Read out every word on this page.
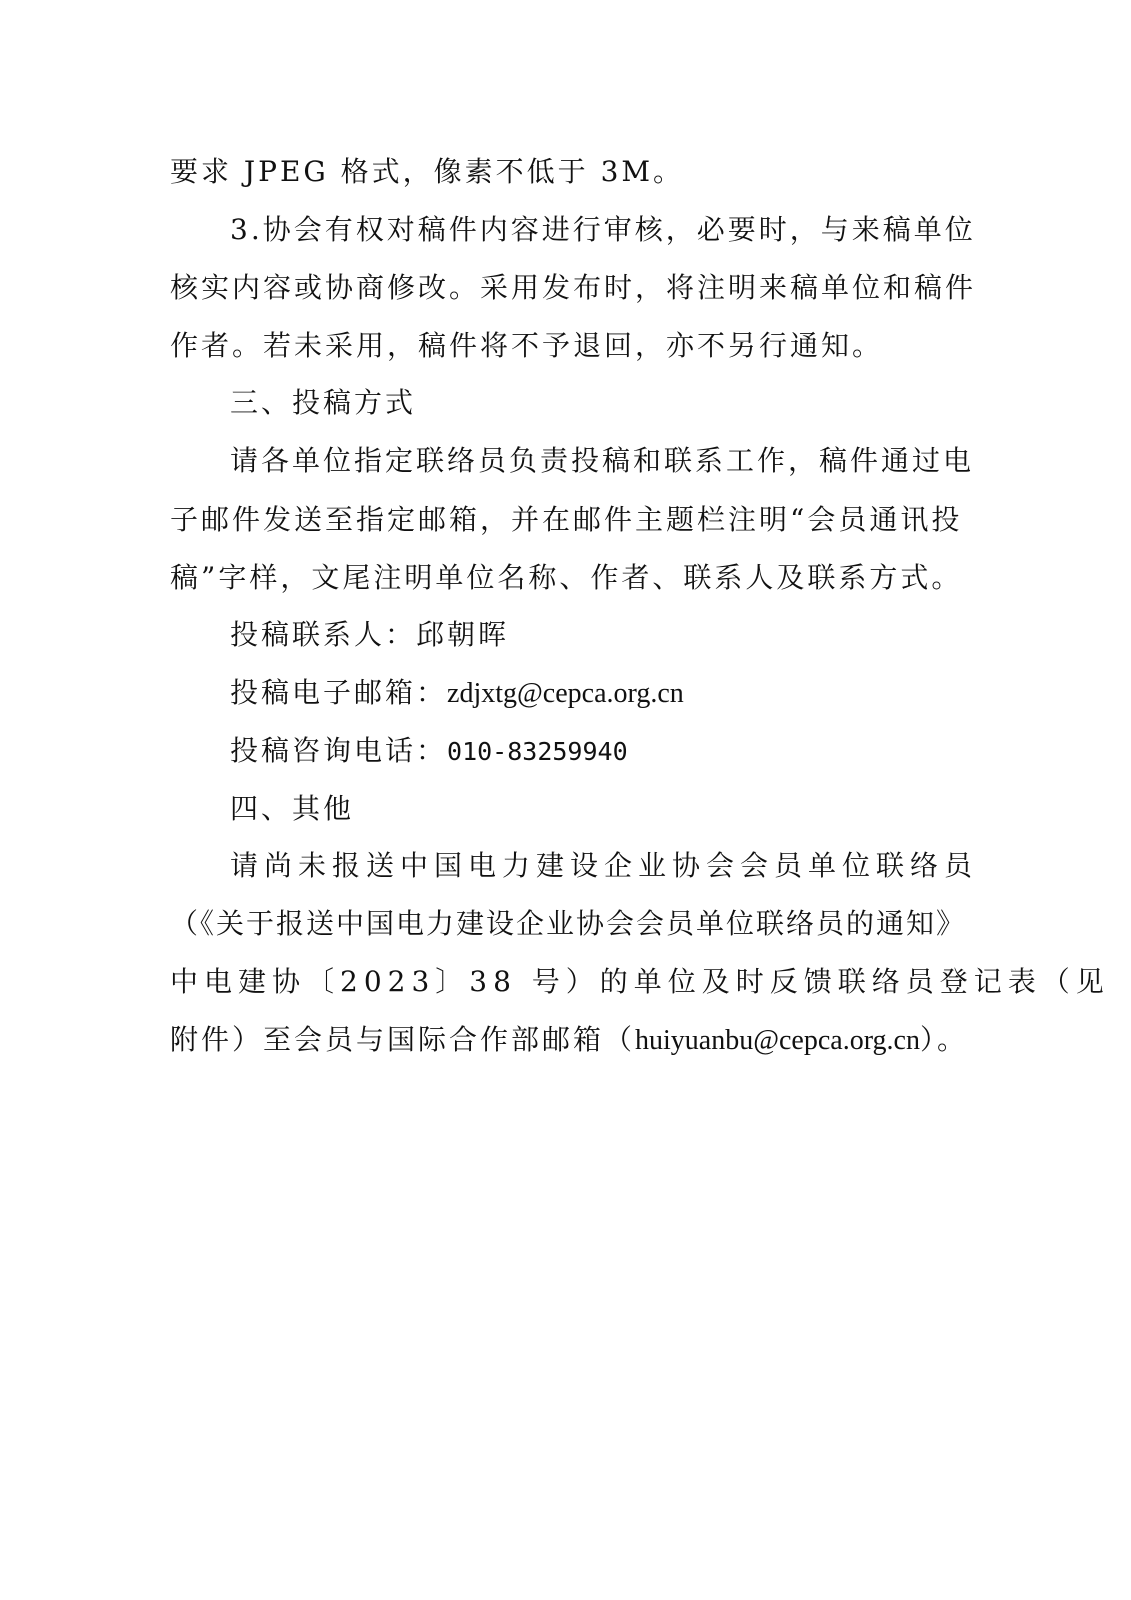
要求 JPEG 格式，像素不低于 3M。
3.协会有权对稿件内容进行审核，必要时，与来稿单位
核实内容或协商修改。采用发布时，将注明来稿单位和稿件
作者。若未采用，稿件将不予退回，亦不另行通知。
三、投稿方式
请各单位指定联络员负责投稿和联系工作，稿件通过电
子邮件发送至指定邮箱，并在邮件主题栏注明“会员通讯投
稿”字样，文尾注明单位名称、作者、联系人及联系方式。
投稿联系人：邱朝晖
投稿电子邮箱：zdjxtg@cepca.org.cn
投稿咨询电话：010-83259940
四、其他
请尚未报送中国电力建设企业协会会员单位联络员
（《关于报送中国电力建设企业协会会员单位联络员的通知》
中电建协〔2023〕38 号）的单位及时反馈联络员登记表（见
附件）至会员与国际合作部邮箱（huiyuanbu@cepca.org.cn）。
